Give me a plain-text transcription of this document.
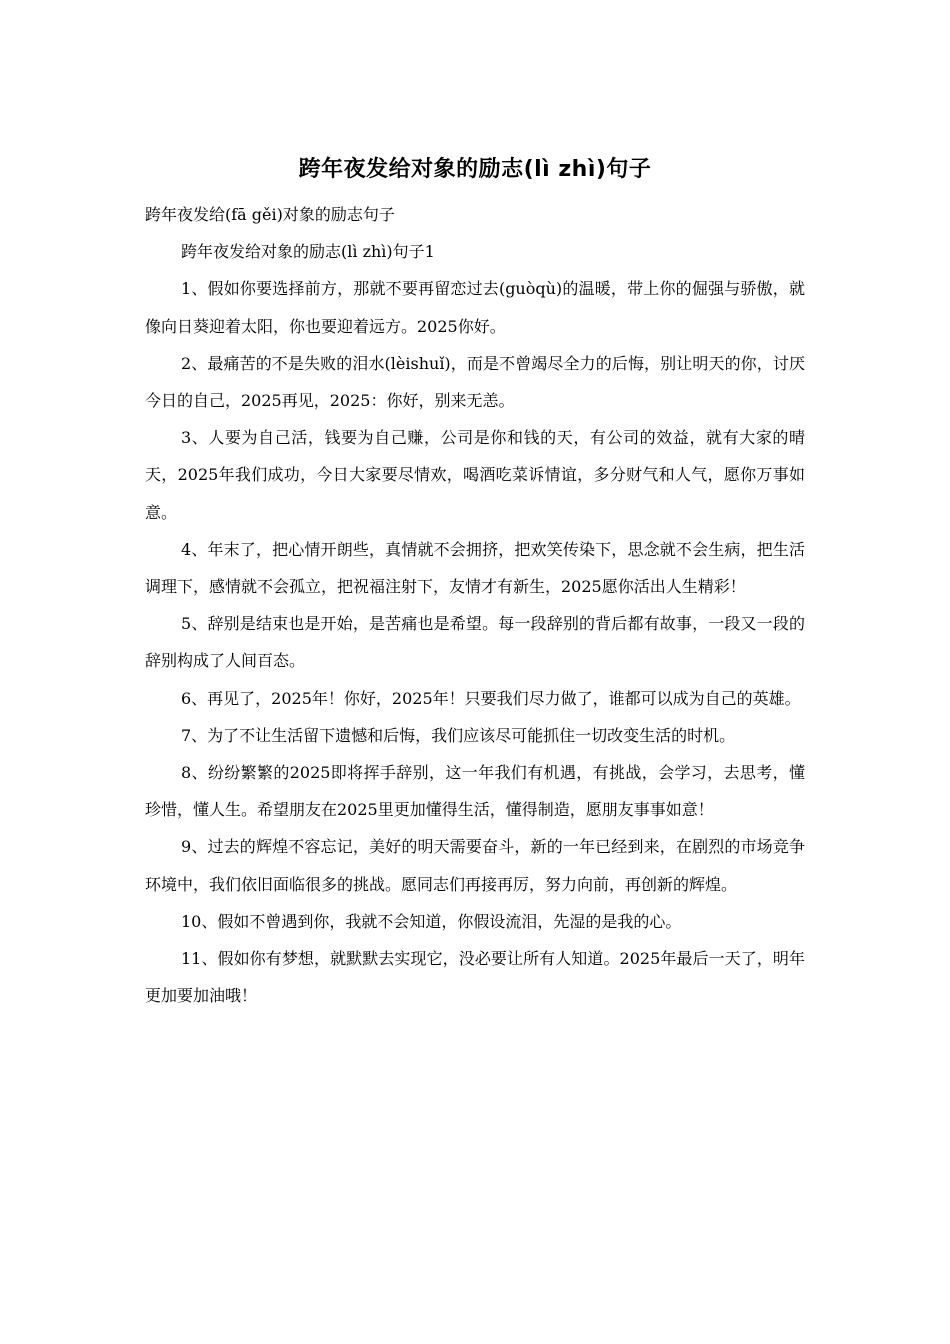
跨年夜发给对象的励志(lì zhì)句子

跨年夜发给(fā gěi)对象的励志句子

跨年夜发给对象的励志(lì zhì)句子1

1、假如你要选择前方，那就不要再留恋过去(guòqù)的温暖，带上你的倔强与骄傲，就像向日葵迎着太阳，你也要迎着远方。2025你好。

2、最痛苦的不是失败的泪水(lèishuǐ)，而是不曾竭尽全力的后悔，别让明天的你，讨厌今日的自己，2025再见，2025：你好，别来无恙。

3、人要为自己活，钱要为自己赚，公司是你和钱的天，有公司的效益，就有大家的晴天，2025年我们成功，今日大家要尽情欢，喝酒吃菜诉情谊，多分财气和人气，愿你万事如意。

4、年末了，把心情开朗些，真情就不会拥挤，把欢笑传染下，思念就不会生病，把生活调理下，感情就不会孤立，把祝福注射下，友情才有新生，2025愿你活出人生精彩！

5、辞别是结束也是开始，是苦痛也是希望。每一段辞别的背后都有故事，一段又一段的辞别构成了人间百态。

6、再见了，2025年！你好，2025年！只要我们尽力做了，谁都可以成为自己的英雄。

7、为了不让生活留下遗憾和后悔，我们应该尽可能抓住一切改变生活的时机。

8、纷纷繁繁的2025即将挥手辞别，这一年我们有机遇，有挑战，会学习，去思考，懂珍惜，懂人生。希望朋友在2025里更加懂得生活，懂得制造，愿朋友事事如意！

9、过去的辉煌不容忘记，美好的明天需要奋斗，新的一年已经到来，在剧烈的市场竞争环境中，我们依旧面临很多的挑战。愿同志们再接再厉，努力向前，再创新的辉煌。

10、假如不曾遇到你，我就不会知道，你假设流泪，先湿的是我的心。

11、假如你有梦想，就默默去实现它，没必要让所有人知道。2025年最后一天了，明年更加要加油哦！
